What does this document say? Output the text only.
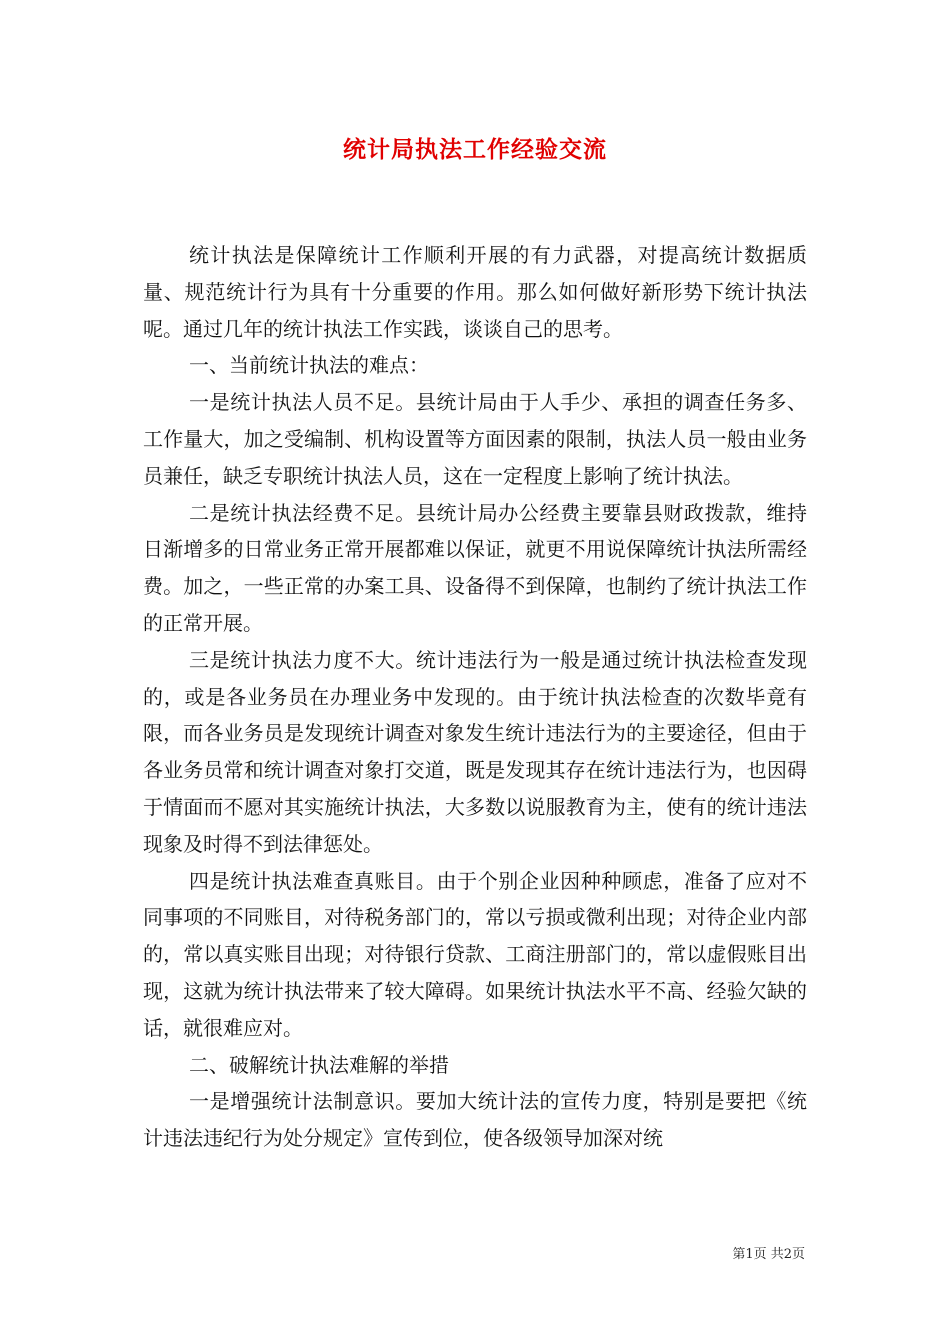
统计局执法工作经验交流

统计执法是保障统计工作顺利开展的有力武器，对提高统计数据质量、规范统计行为具有十分重要的作用。那么如何做好新形势下统计执法呢。通过几年的统计执法工作实践，谈谈自己的思考。

一、当前统计执法的难点：

一是统计执法人员不足。县统计局由于人手少、承担的调查任务多、工作量大，加之受编制、机构设置等方面因素的限制，执法人员一般由业务员兼任，缺乏专职统计执法人员，这在一定程度上影响了统计执法。

二是统计执法经费不足。县统计局办公经费主要靠县财政拨款，维持日渐增多的日常业务正常开展都难以保证，就更不用说保障统计执法所需经费。加之，一些正常的办案工具、设备得不到保障，也制约了统计执法工作的正常开展。

三是统计执法力度不大。统计违法行为一般是通过统计执法检查发现的，或是各业务员在办理业务中发现的。由于统计执法检查的次数毕竟有限，而各业务员是发现统计调查对象发生统计违法行为的主要途径，但由于各业务员常和统计调查对象打交道，既是发现其存在统计违法行为，也因碍于情面而不愿对其实施统计执法，大多数以说服教育为主，使有的统计违法现象及时得不到法律惩处。

四是统计执法难查真账目。由于个别企业因种种顾虑，准备了应对不同事项的不同账目，对待税务部门的，常以亏损或微利出现；对待企业内部的，常以真实账目出现；对待银行贷款、工商注册部门的，常以虚假账目出现，这就为统计执法带来了较大障碍。如果统计执法水平不高、经验欠缺的话，就很难应对。

二、破解统计执法难解的举措

一是增强统计法制意识。要加大统计法的宣传力度，特别是要把《统计违法违纪行为处分规定》宣传到位，使各级领导加深对统

第1页 共2页
